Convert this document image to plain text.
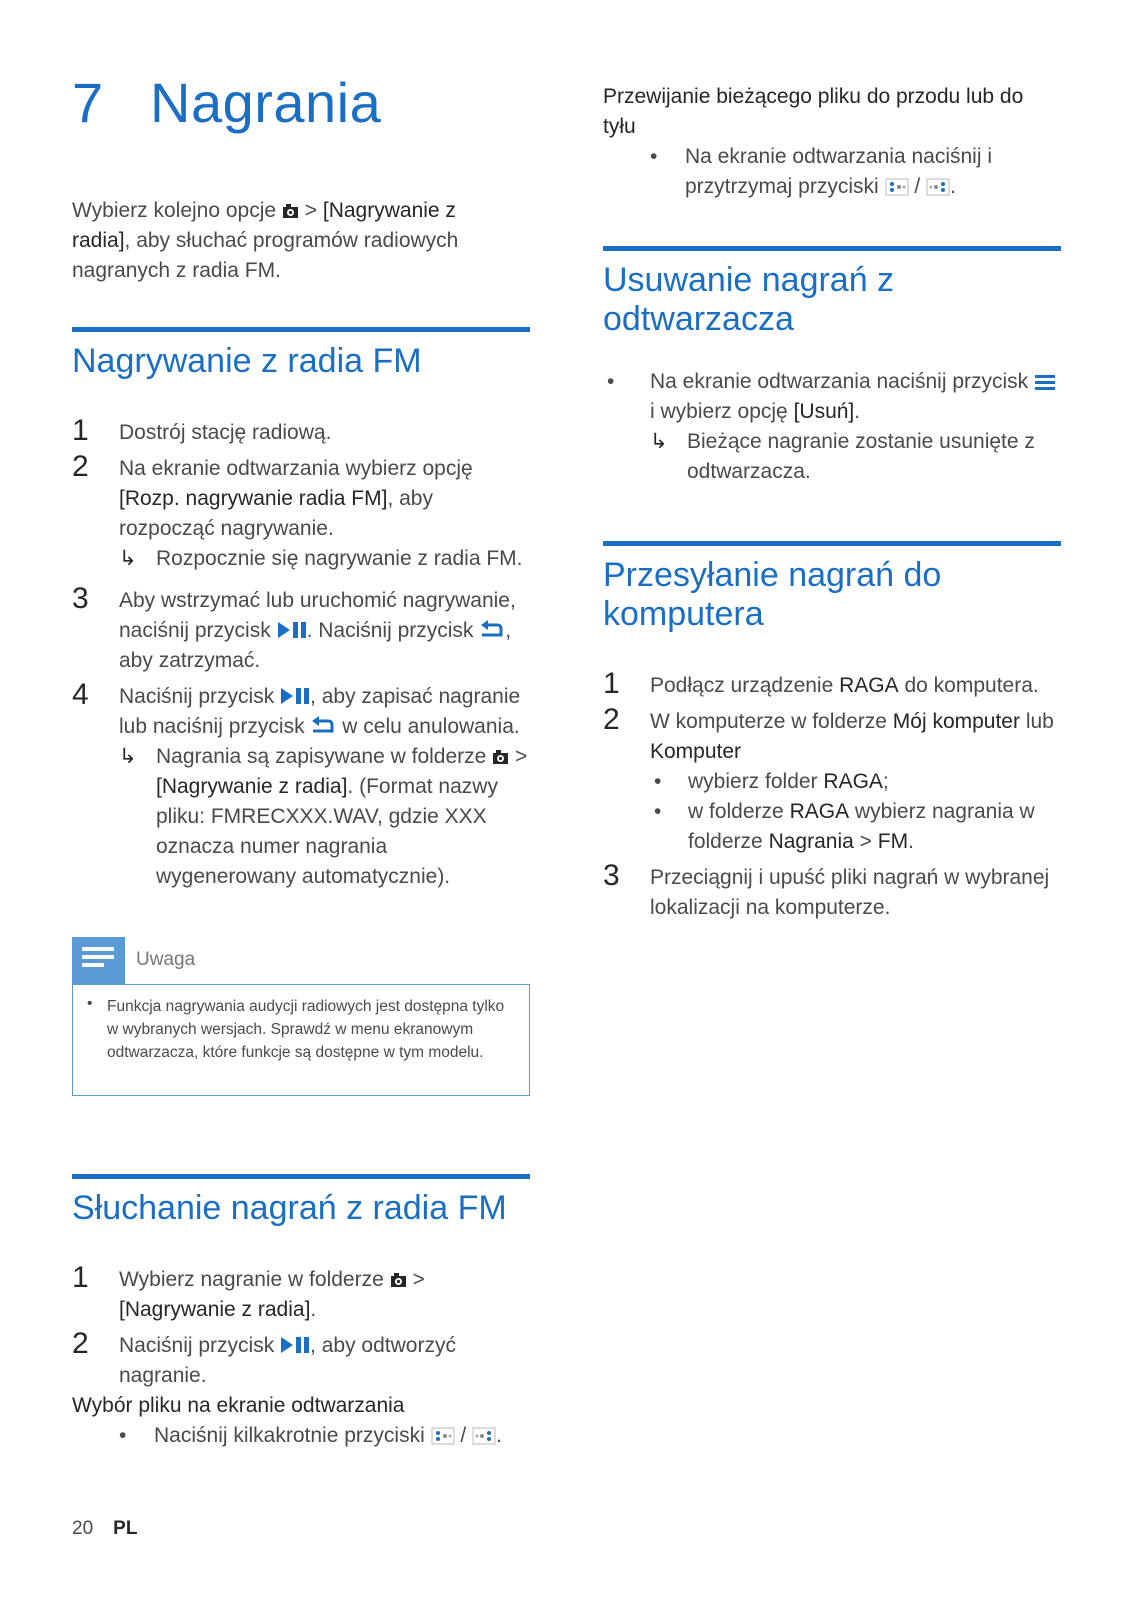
7 Nagrania
Wybierz kolejno opcje > [Nagrywanie z radia], aby słuchać programów radiowych nagranych z radia FM.
Nagrywanie z radia FM
1 Dostrój stację radiową.
2 Na ekranie odtwarzania wybierz opcję [Rozp. nagrywanie radia FM], aby rozpocząć nagrywanie.
↳ Rozpocznie się nagrywanie z radia FM.
3 Aby wstrzymać lub uruchomić nagrywanie, naciśnij przycisk . Naciśnij przycisk , aby zatrzymać.
4 Naciśnij przycisk , aby zapisać nagranie lub naciśnij przycisk w celu anulowania.
↳ Nagrania są zapisywane w folderze > [Nagrywanie z radia]. (Format nazwy pliku: FMRECXXX.WAV, gdzie XXX oznacza numer nagrania wygenerowany automatycznie).
Uwaga
• Funkcja nagrywania audycji radiowych jest dostępna tylko w wybranych wersjach. Sprawdź w menu ekranowym odtwarzacza, które funkcje są dostępne w tym modelu.
Słuchanie nagrań z radia FM
1 Wybierz nagranie w folderze > [Nagrywanie z radia].
2 Naciśnij przycisk , aby odtworzyć nagranie.
Wybór pliku na ekranie odtwarzania
• Naciśnij kilkakrotnie przyciski / .
Przewijanie bieżącego pliku do przodu lub do tyłu
• Na ekranie odtwarzania naciśnij i przytrzymaj przyciski / .
Usuwanie nagrań z odtwarzacza
• Na ekranie odtwarzania naciśnij przycisk  i wybierz opcję [Usuń].
↳ Bieżące nagranie zostanie usunięte z odtwarzacza.
Przesyłanie nagrań do komputera
1 Podłącz urządzenie RAGA do komputera.
2 W komputerze w folderze Mój komputer lub Komputer
• wybierz folder RAGA;
• w folderze RAGA wybierz nagrania w folderze Nagrania > FM.
3 Przeciągnij i upuść pliki nagrań w wybranej lokalizacji na komputerze.
20 PL
